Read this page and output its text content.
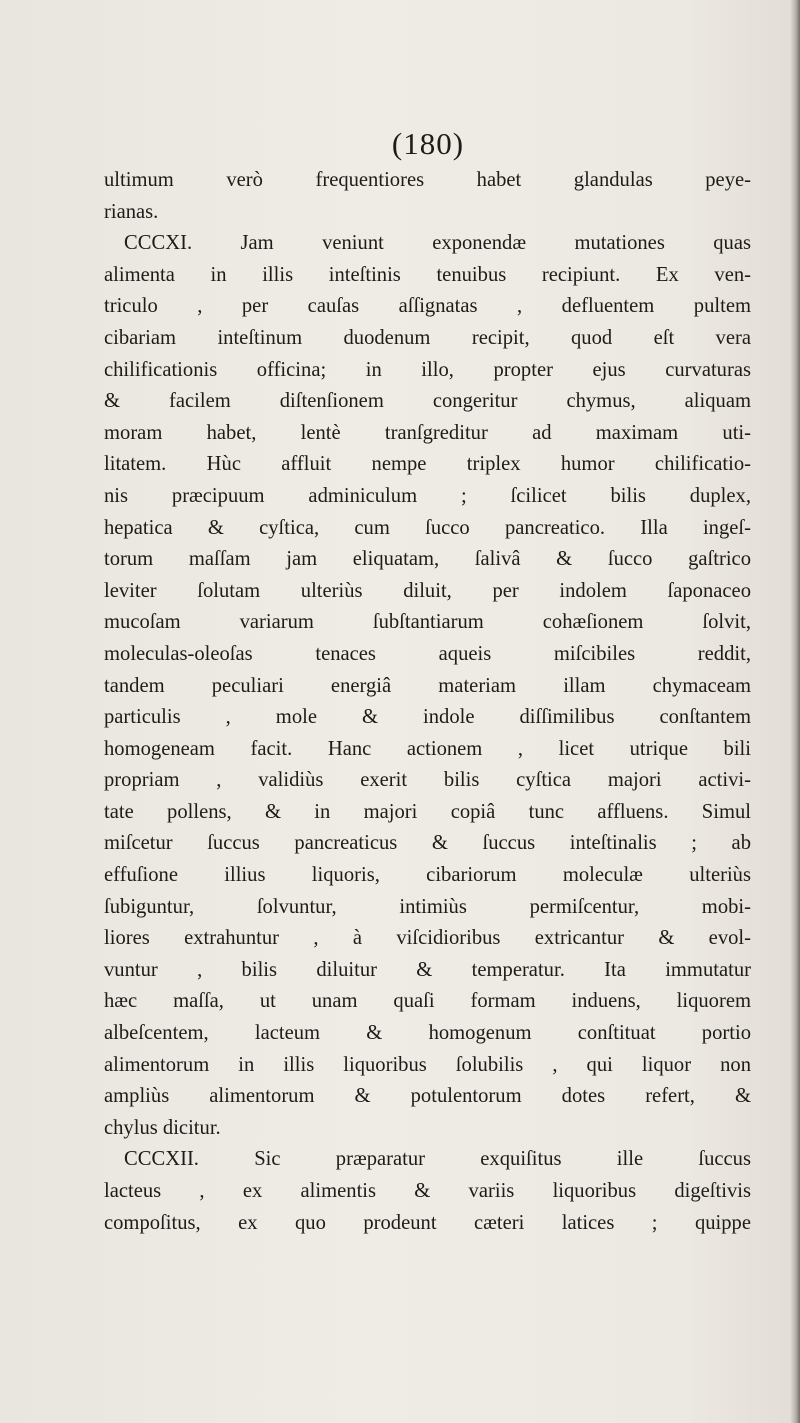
(180)
ultimum verò frequentiores habet glandulas peye-
rianas.
CCCXI. Jam veniunt exponendæ mutationes quas
alimenta in illis inteſtinis tenuibus recipiunt. Ex ven-
triculo , per cauſas aſſignatas , defluentem pultem
cibariam inteſtinum duodenum recipit, quod eſt vera
chilificationis officina; in illo, propter ejus curvaturas
& facilem diſtenſionem congeritur chymus, aliquam
moram habet, lentè tranſgreditur ad maximam uti-
litatem. Hùc affluit nempe triplex humor chilificatio-
nis præcipuum adminiculum ; ſcilicet bilis duplex,
hepatica & cyſtica, cum ſucco pancreatico. Illa ingeſ-
torum maſſam jam eliquatam, ſalivâ & ſucco gaſtrico
leviter ſolutam ulteriùs diluit, per indolem ſaponaceo
mucoſam variarum ſubſtantiarum cohæſionem ſolvit,
moleculas-oleoſas tenaces aqueis miſcibiles reddit,
tandem peculiari energiâ materiam illam chymaceam
particulis , mole & indole diſſimilibus conſtantem
homogeneam facit. Hanc actionem , licet utrique bili
propriam , validiùs exerit bilis cyſtica majori activi-
tate pollens, & in majori copiâ tunc affluens. Simul
miſcetur ſuccus pancreaticus & ſuccus inteſtinalis ; ab
effuſione illius liquoris, cibariorum moleculæ ulteriùs
ſubiguntur, ſolvuntur, intimiùs permiſcentur, mobi-
liores extrahuntur , à viſcidioribus extricantur & evol-
vuntur , bilis diluitur & temperatur. Ita immutatur
hæc maſſa, ut unam quaſi formam induens, liquorem
albeſcentem, lacteum & homogenum conſtituat portio
alimentorum in illis liquoribus ſolubilis , qui liquor non
ampliùs alimentorum & potulentorum dotes refert, &
chylus dicitur.
CCCXII. Sic præparatur exquiſitus ille ſuccus
lacteus , ex alimentis & variis liquoribus digeſtivis
compoſitus, ex quo prodeunt cæteri latices ; quippe
